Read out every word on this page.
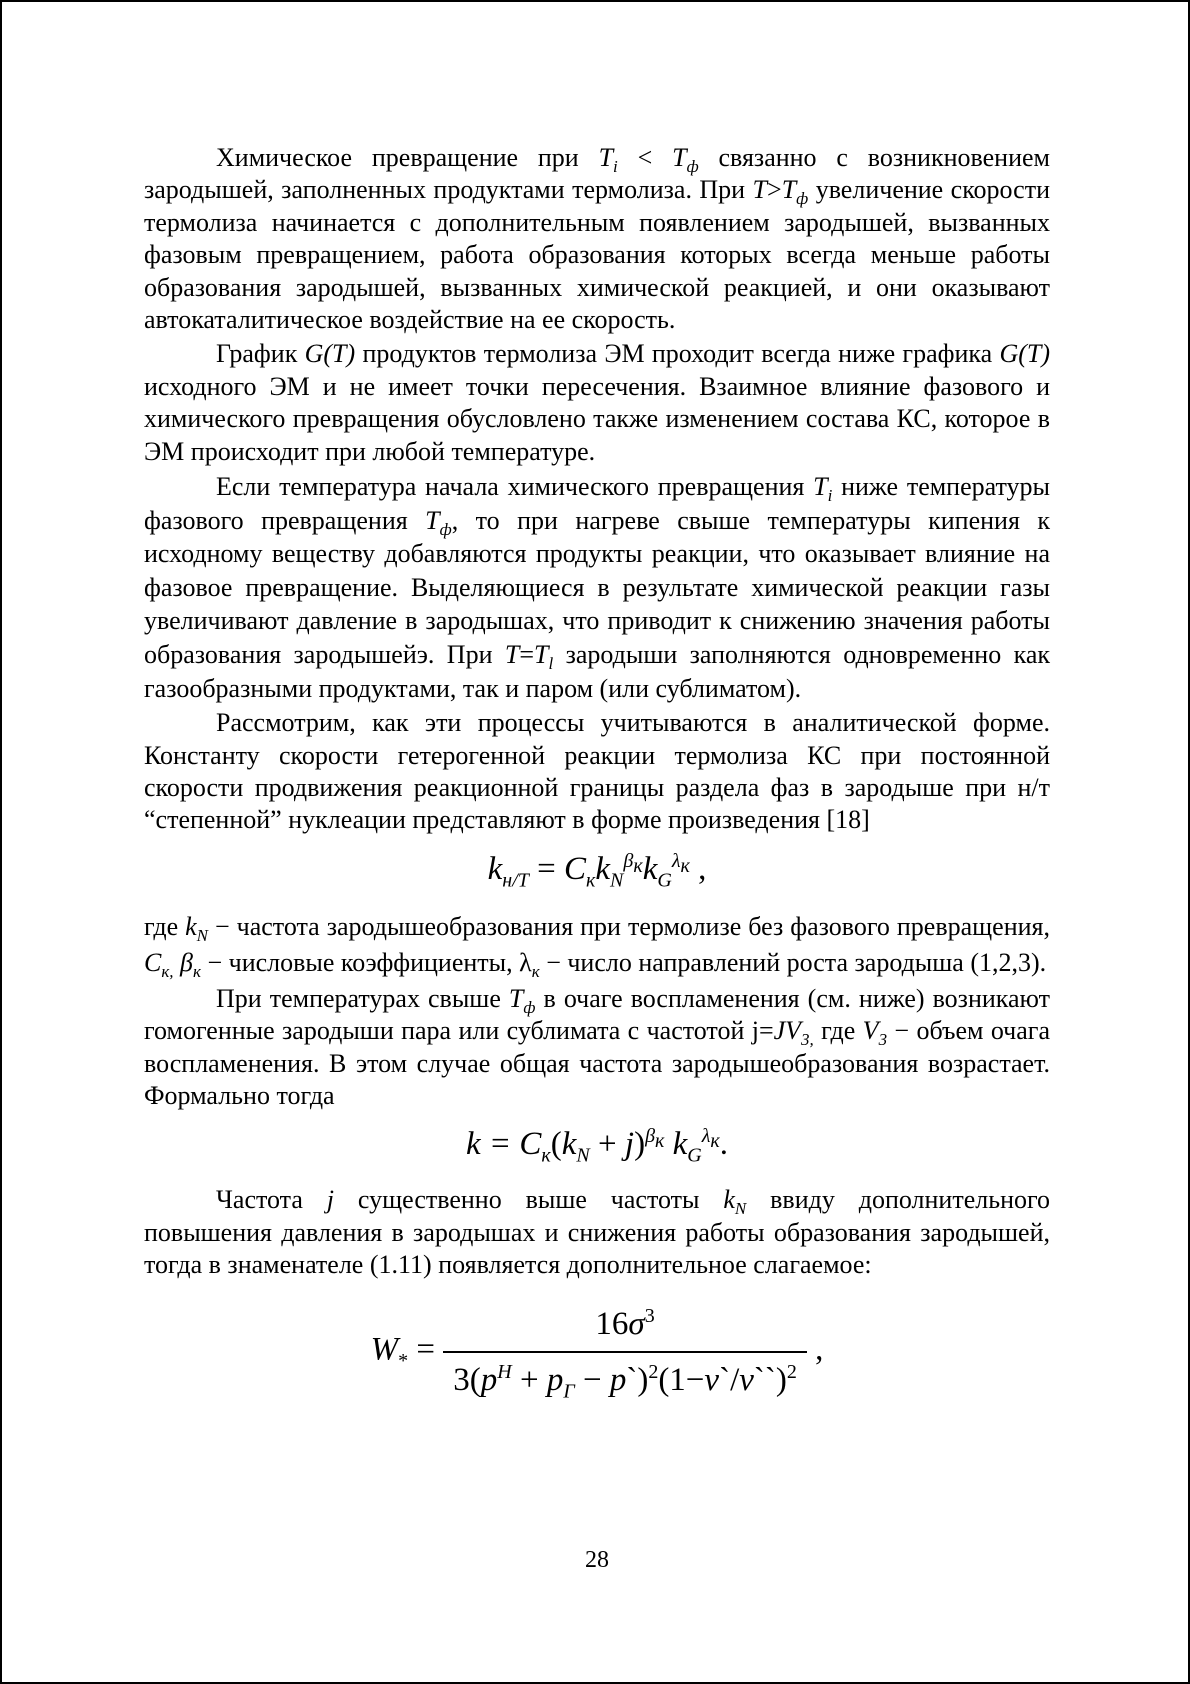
Химическое превращение при $T_i < T_ф$ связанно с возникновением зародышей, заполненных продуктами термолиза. При $T>T_ф$ увеличение скорости термолиза начинается с дополнительным появлением зародышей, вызванных фазовым превращением, работа образования которых всегда меньше работы образования зародышей, вызванных химической реакцией, и они оказывают автокаталитическое воздействие на ее скорость.

График G(T) продуктов термолиза ЭМ проходит всегда ниже графика G(T) исходного ЭМ и не имеет точки пересечения. Взаимное влияние фазового и химического превращения обусловлено также изменением состава КС, которое в ЭМ происходит при любой температуре.

Если температура начала химического превращения $T_i$ ниже температуры фазового превращения $T_ф$, то при нагреве свыше температуры кипения к исходному веществу добавляются продукты реакции, что оказывает влияние на фазовое превращение. Выделяющиеся в результате химической реакции газы увеличивают давление в зародышах, что приводит к снижению значения работы образования зародышейэ. При $T=T_l$ зародыши заполняются одновременно как газообразными продуктами, так и паром (или сублиматом).

Рассмотрим, как эти процессы учитываются в аналитической форме. Константу скорости гетерогенной реакции термолиза КС при постоянной скорости продвижения реакционной границы раздела фаз в зародыше при н/т “степенной” нуклеации представляют в форме произведения [18]

$k_{н/T} = C_кk_N^{\beta_к}k_G^{\lambda_к}$ ,

где $k_N$ − частота зародышеобразования при термолизе без фазового превращения, $C_{к,}$ $\beta_к$ − числовые коэффициенты, $\lambda_к$ − число направлений роста зародыша (1,2,3).

При температурах свыше $T_ф$ в очаге воспламенения (см. ниже) возникают гомогенные зародыши пара или сублимата с частотой $j=JV_{3,}$ где $V_3$ − объем очага воспламенения. В этом случае общая частота зародышеобразования возрастает. Формально тогда

$k = C_к(k_N + j)^{\beta_к}$ $k_G^{\lambda_к}$.

Частота j существенно выше частоты $k_N$ ввиду дополнительного повышения давления в зародышах и снижения работы образования зародышей, тогда в знаменателе (1.11) появляется дополнительное слагаемое:

$W_* = \frac{16\sigma^3}{3(p^H + p_Г - p`)^2(1-\nu`/\nu``)^2}$ ,
28
